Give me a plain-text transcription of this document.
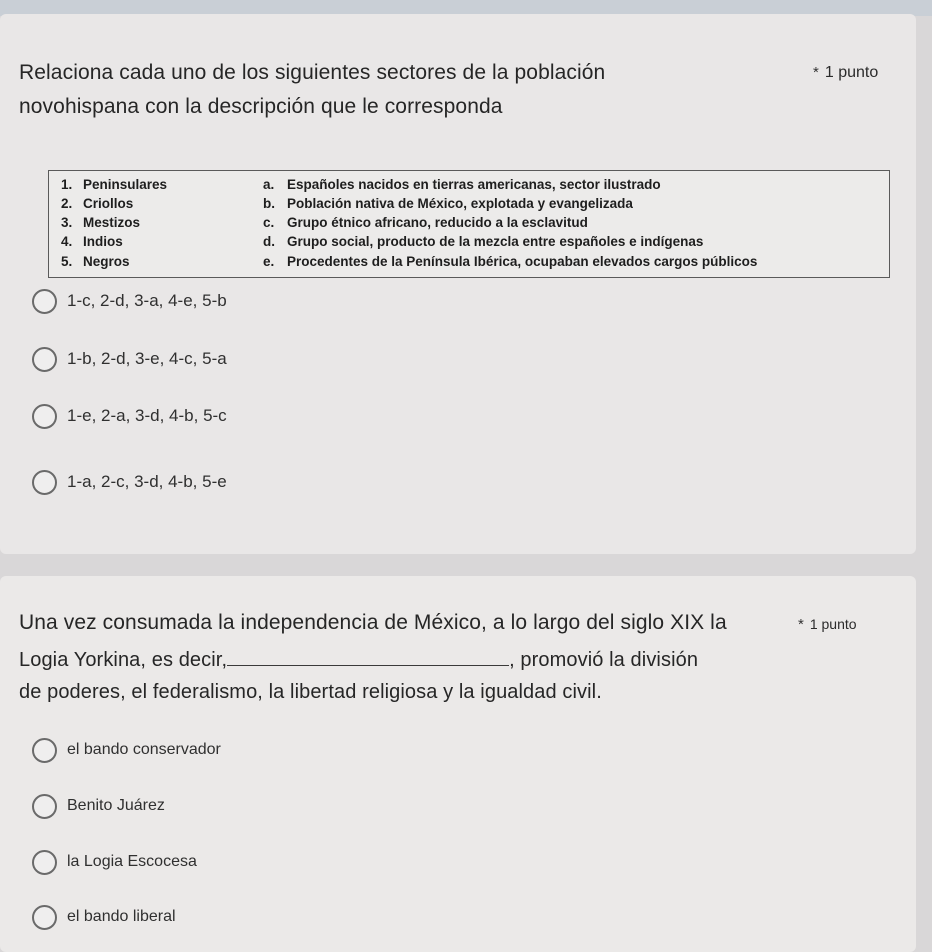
Relaciona cada uno de los siguientes sectores de la población
novohispana con la descripción que le corresponda
* 1 punto
1. Peninsulares	a. Españoles nacidos en tierras americanas, sector ilustrado
2. Criollos	b. Población nativa de México, explotada y evangelizada
3. Mestizos	c. Grupo étnico africano, reducido a la esclavitud
4. Indios	d. Grupo social, producto de la mezcla entre españoles e indígenas
5. Negros	e. Procedentes de la Península Ibérica, ocupaban elevados cargos públicos
1-c, 2-d, 3-a, 4-e, 5-b
1-b, 2-d, 3-e, 4-c, 5-a
1-e, 2-a, 3-d, 4-b, 5-c
1-a, 2-c, 3-d, 4-b, 5-e
Una vez consumada la independencia de México, a lo largo del siglo XIX la	* 1 punto
Logia Yorkina, es decir,	, promovió la división
de poderes, el federalismo, la libertad religiosa y la igualdad civil.
el bando conservador
Benito Juárez
la Logia Escocesa
el bando liberal
